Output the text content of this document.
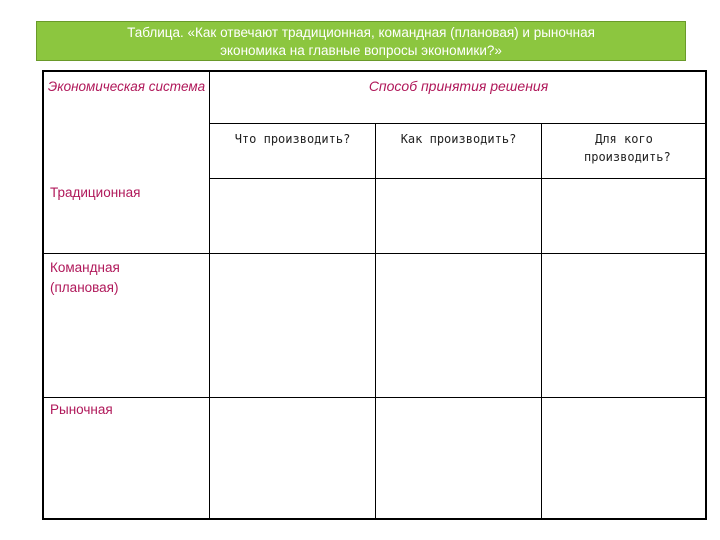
Таблица. «Как отвечают традиционная, командная (плановая) и рыночная
экономика на главные вопросы экономики?»
Экономическая система	Способ принятия решения
Что производить?	Как производить?	Для кого производить?
Традиционная
Командная (плановая)
Рыночная
